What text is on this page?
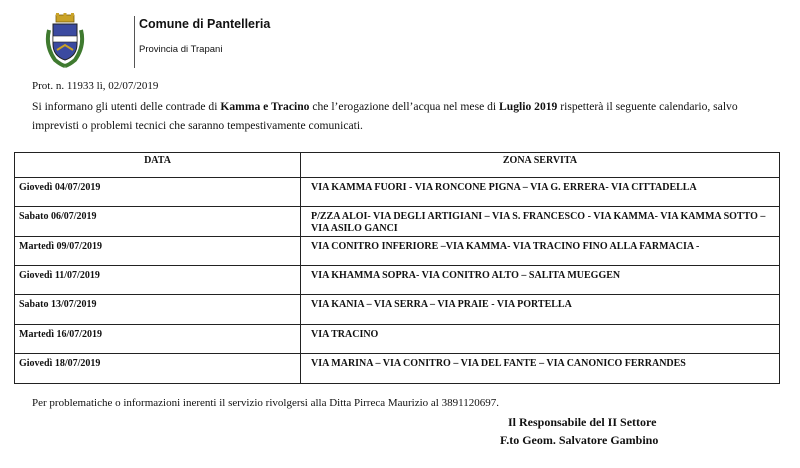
Comune di Pantelleria
Provincia di Trapani
Prot. n. 11933 lì, 02/07/2019
Si informano gli utenti delle contrade di Kamma e Tracino che l’erogazione dell’acqua nel mese di Luglio 2019 rispetterà il seguente calendario, salvo imprevisti o problemi tecnici che saranno tempestivamente comunicati.
DATA	ZONA SERVITA
Giovedì 04/07/2019	VIA KAMMA FUORI - VIA RONCONE PIGNA – VIA G. ERRERA- VIA CITTADELLA
Sabato 06/07/2019	P/ZZA ALOI- VIA DEGLI ARTIGIANI – VIA S. FRANCESCO - VIA KAMMA- VIA KAMMA SOTTO – VIA ASILO GANCI
Martedì 09/07/2019	VIA CONITRO INFERIORE –VIA KAMMA- VIA TRACINO FINO ALLA FARMACIA -
Giovedì 11/07/2019	VIA KHAMMA SOPRA- VIA CONITRO ALTO – SALITA MUEGGEN
Sabato 13/07/2019	VIA KANIA – VIA SERRA – VIA PRAIE - VIA PORTELLA
Martedì 16/07/2019	VIA TRACINO
Giovedì 18/07/2019	VIA MARINA – VIA CONITRO – VIA DEL FANTE – VIA CANONICO FERRANDES
Per problematiche o informazioni inerenti il servizio rivolgersi alla Ditta Pirreca Maurizio al 3891120697.
Il Responsabile del II Settore
F.to Geom. Salvatore Gambino
